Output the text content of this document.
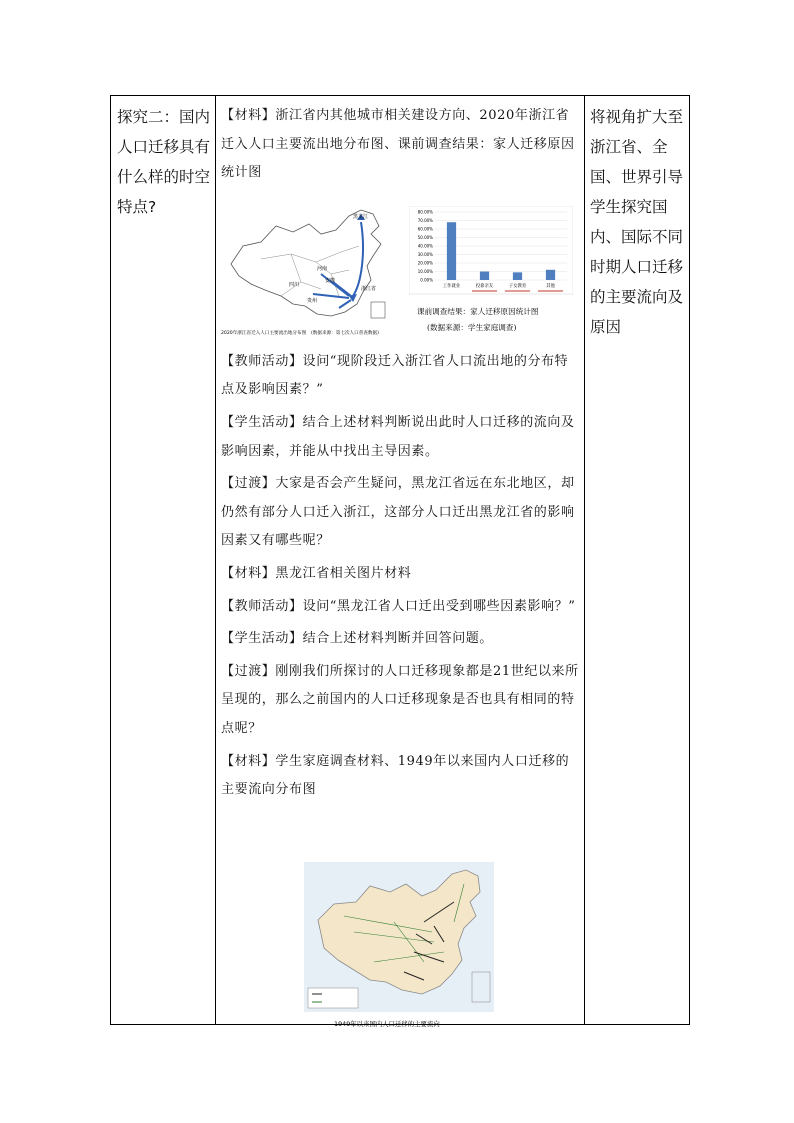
探究二：国内人口迁移具有什么样的时空特点?

【材料】浙江省内其他城市相关建设方向、2020年浙江省迁入人口主要流出地分布图、课前调查结果：家人迁移原因统计图

【教师活动】设问“现阶段迁入浙江省人口流出地的分布特点及影响因素？”

【学生活动】结合上述材料判断说出此时人口迁移的流向及影响因素，并能从中找出主导因素。

【过渡】大家是否会产生疑问，黑龙江省远在东北地区，却仍然有部分人口迁入浙江，这部分人口迁出黑龙江省的影响因素又有哪些呢？

【材料】黑龙江省相关图片材料

【教师活动】设问“黑龙江省人口迁出受到哪些因素影响？”

【学生活动】结合上述材料判断并回答问题。

【过渡】刚刚我们所探讨的人口迁移现象都是21世纪以来所呈现的，那么之前国内的人口迁移现象是否也具有相同的特点呢？

【材料】学生家庭调查材料、1949年以来国内人口迁移的主要流向分布图

将视角扩大至浙江省、全国、世界引导学生探究国内、国际不同时期人口迁移的主要流向及原因
黑龙江
河南
安徽
贵州
浙江省
四川
2020年浙江省迁入人口主要流出地分布图 (数据来源：第七次人口普查数据)
80.00%
70.00%
60.00%
50.00%
40.00%
30.00%
20.00%
10.00%
0.00%
工作就业	投靠亲友	子女教育	其他
课前调查结果：家人迁移原因统计图
(数据来源：学生家庭调查)
1949年以来国内人口迁移的主要流向
